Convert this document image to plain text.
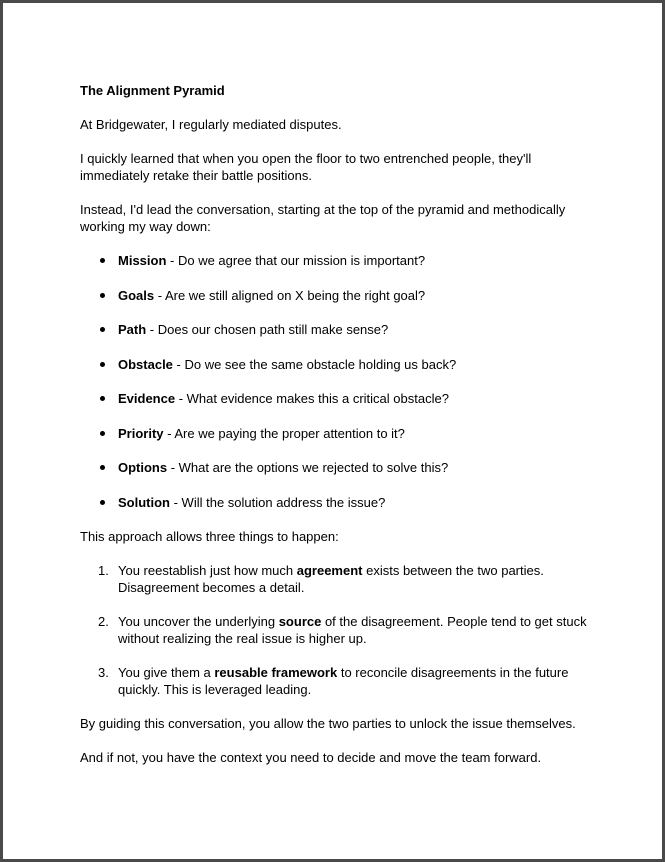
The Alignment Pyramid

At Bridgewater, I regularly mediated disputes.

I quickly learned that when you open the floor to two entrenched people, they'll immediately retake their battle positions.

Instead, I'd lead the conversation, starting at the top of the pyramid and methodically working my way down:

Mission - Do we agree that our mission is important?
Goals - Are we still aligned on X being the right goal?
Path - Does our chosen path still make sense?
Obstacle - Do we see the same obstacle holding us back?
Evidence - What evidence makes this a critical obstacle?
Priority - Are we paying the proper attention to it?
Options - What are the options we rejected to solve this?
Solution - Will the solution address the issue?

This approach allows three things to happen:

1. You reestablish just how much agreement exists between the two parties. Disagreement becomes a detail.
2. You uncover the underlying source of the disagreement. People tend to get stuck without realizing the real issue is higher up.
3. You give them a reusable framework to reconcile disagreements in the future quickly. This is leveraged leading.

By guiding this conversation, you allow the two parties to unlock the issue themselves.

And if not, you have the context you need to decide and move the team forward.
